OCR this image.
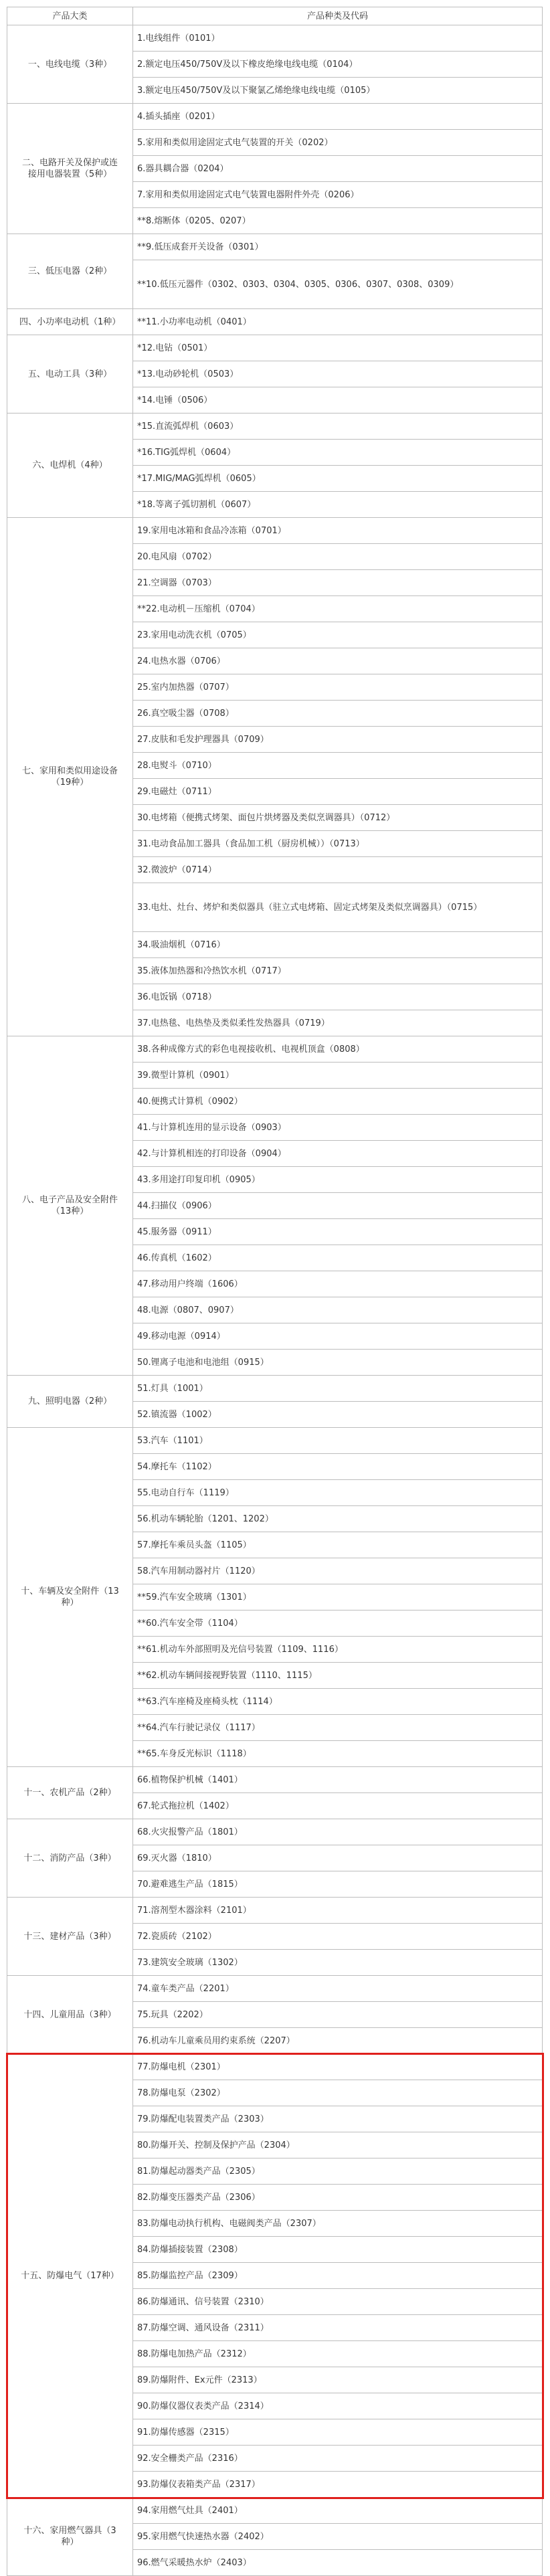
产品大类	产品种类及代码
一、电线电缆（3种）	1.电线组件（0101）
	2.额定电压450/750V及以下橡皮绝缘电线电缆（0104）
	3.额定电压450/750V及以下聚氯乙烯绝缘电线电缆（0105）
二、电路开关及保护或连接用电器装置（5种）	4.插头插座（0201）
	5.家用和类似用途固定式电气装置的开关（0202）
	6.器具耦合器（0204）
	7.家用和类似用途固定式电气装置电器附件外壳（0206）
	**8.熔断体（0205、0207）
三、低压电器（2种）	**9.低压成套开关设备（0301）
	**10.低压元器件（0302、0303、0304、0305、0306、0307、0308、0309）
四、小功率电动机（1种）	**11.小功率电动机（0401）
五、电动工具（3种）	*12.电钻（0501）
	*13.电动砂轮机（0503）
	*14.电锤（0506）
六、电焊机（4种）	*15.直流弧焊机（0603）
	*16.TIG弧焊机（0604）
	*17.MIG/MAG弧焊机（0605）
	*18.等离子弧切割机（0607）
七、家用和类似用途设备（19种）	19.家用电冰箱和食品冷冻箱（0701）
	20.电风扇（0702）
	21.空调器（0703）
	**22.电动机－压缩机（0704）
	23.家用电动洗衣机（0705）
	24.电热水器（0706）
	25.室内加热器（0707）
	26.真空吸尘器（0708）
	27.皮肤和毛发护理器具（0709）
	28.电熨斗（0710）
	29.电磁灶（0711）
	30.电烤箱（便携式烤架、面包片烘烤器及类似烹调器具）（0712）
	31.电动食品加工器具（食品加工机（厨房机械））（0713）
	32.微波炉（0714）
	33.电灶、灶台、烤炉和类似器具（驻立式电烤箱、固定式烤架及类似烹调器具）（0715）
	34.吸油烟机（0716）
	35.液体加热器和冷热饮水机（0717）
	36.电饭锅（0718）
	37.电热毯、电热垫及类似柔性发热器具（0719）
八、电子产品及安全附件（13种）	38.各种成像方式的彩色电视接收机、电视机顶盒（0808）
	39.微型计算机（0901）
	40.便携式计算机（0902）
	41.与计算机连用的显示设备（0903）
	42.与计算机相连的打印设备（0904）
	43.多用途打印复印机（0905）
	44.扫描仪（0906）
	45.服务器（0911）
	46.传真机（1602）
	47.移动用户终端（1606）
	48.电源（0807、0907）
	49.移动电源（0914）
	50.锂离子电池和电池组（0915）
九、照明电器（2种）	51.灯具（1001）
	52.镇流器（1002）
十、车辆及安全附件（13种）	53.汽车（1101）
	54.摩托车（1102）
	55.电动自行车（1119）
	56.机动车辆轮胎（1201、1202）
	57.摩托车乘员头盔（1105）
	58.汽车用制动器衬片（1120）
	**59.汽车安全玻璃（1301）
	**60.汽车安全带（1104）
	**61.机动车外部照明及光信号装置（1109、1116）
	**62.机动车辆间接视野装置（1110、1115）
	**63.汽车座椅及座椅头枕（1114）
	**64.汽车行驶记录仪（1117）
	**65.车身反光标识（1118）
十一、农机产品（2种）	66.植物保护机械（1401）
	67.轮式拖拉机（1402）
十二、消防产品（3种）	68.火灾报警产品（1801）
	69.灭火器（1810）
	70.避难逃生产品（1815）
十三、建材产品（3种）	71.溶剂型木器涂料（2101）
	72.瓷质砖（2102）
	73.建筑安全玻璃（1302）
十四、儿童用品（3种）	74.童车类产品（2201）
	75.玩具（2202）
	76.机动车儿童乘员用约束系统（2207）
十五、防爆电气（17种）	77.防爆电机（2301）
	78.防爆电泵（2302）
	79.防爆配电装置类产品（2303）
	80.防爆开关、控制及保护产品（2304）
	81.防爆起动器类产品（2305）
	82.防爆变压器类产品（2306）
	83.防爆电动执行机构、电磁阀类产品（2307）
	84.防爆插接装置（2308）
	85.防爆监控产品（2309）
	86.防爆通讯、信号装置（2310）
	87.防爆空调、通风设备（2311）
	88.防爆电加热产品（2312）
	89.防爆附件、Ex元件（2313）
	90.防爆仪器仪表类产品（2314）
	91.防爆传感器（2315）
	92.安全栅类产品（2316）
	93.防爆仪表箱类产品（2317）
十六、家用燃气器具（3种）	94.家用燃气灶具（2401）
	95.家用燃气快速热水器（2402）
	96.燃气采暖热水炉（2403）
